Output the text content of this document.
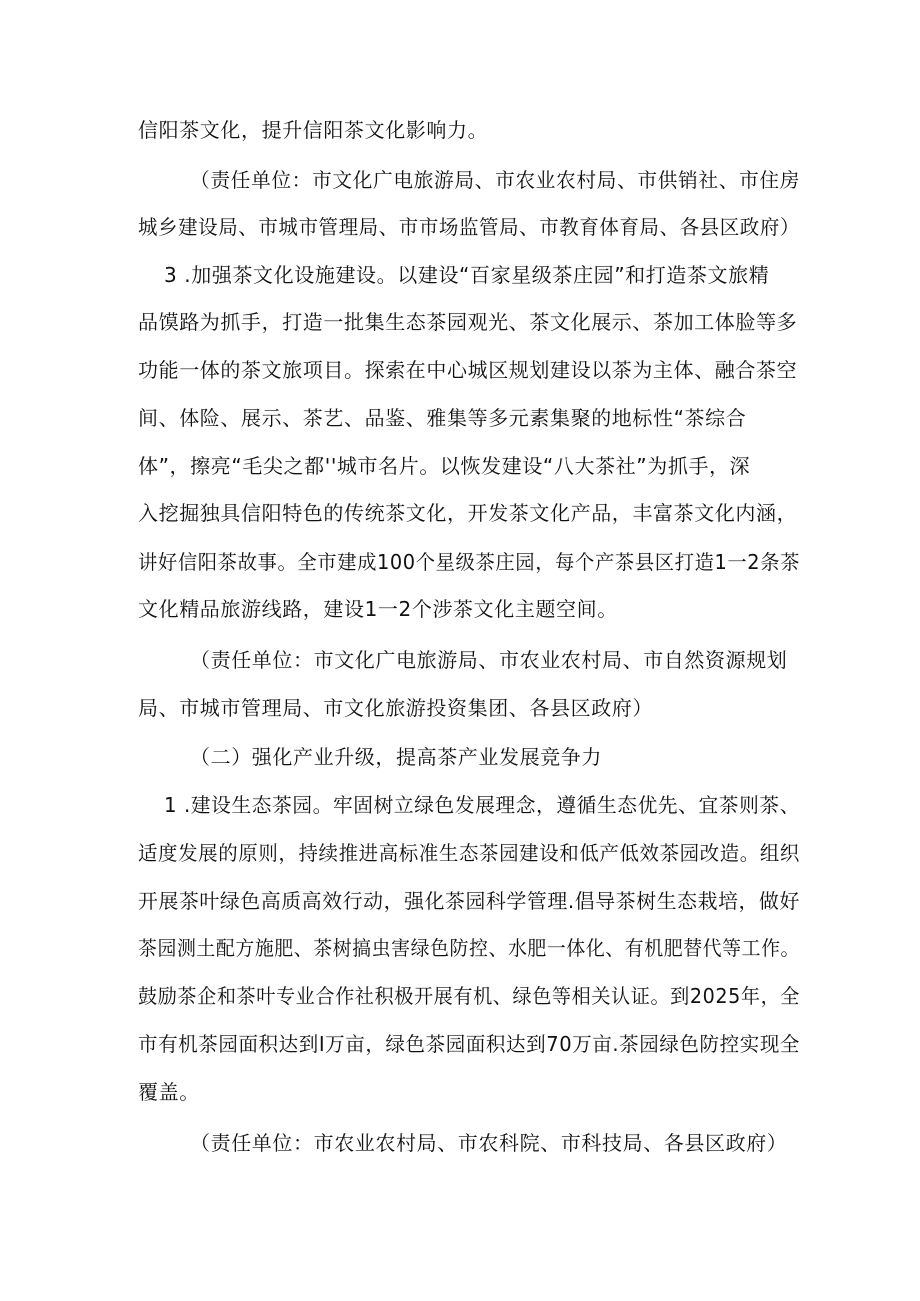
信阳茶文化，提升信阳茶文化影响力。
（责任单位：市文化广电旅游局、市农业农村局、市供销社、市住房
城乡建设局、市城市管理局、市市场监管局、市教育体育局、各县区政府）
3 .加强茶文化设施建设。以建设“百家星级茶庄园”和打造茶文旅精
品馍路为抓手，打造一批集生态茶园观光、茶文化展示、茶加工体脸等多
功能一体的茶文旅项目。探索在中心城区规划建设以茶为主体、融合茶空
间、体险、展示、茶艺、品鉴、雅集等多元素集聚的地标性“茶综合
体”，擦亮“毛尖之都''城市名片。以恢发建设“八大茶社”为抓手，深
入挖掘独具信阳特色的传统茶文化，开发茶文化产品，丰富茶文化内涵，
讲好信阳茶故事。全市建成100个星级茶庄园，每个产茶县区打造1一2条茶
文化精品旅游线路，建设1一2个涉茶文化主题空间。
（责任单位：市文化广电旅游局、市农业农村局、市自然资源规划
局、市城市管理局、市文化旅游投资集团、各县区政府）
（二）强化产业升级，提高茶产业发展竞争力
1 .建设生态茶园。牢固树立绿色发展理念，遵循生态优先、宜茶则茶、
适度发展的原则，持续推进高标准生态茶园建设和低产低效茶园改造。组织
开展茶叶绿色高质高效行动，强化茶园科学管理.倡导茶树生态栽培，做好
茶园测土配方施肥、茶树搞虫害绿色防控、水肥一体化、有机肥替代等工作。
鼓励茶企和茶叶专业合作社积极开展有机、绿色等相关认证。到2025年，全
市有机茶园面积达到I万亩，绿色茶园面积达到70万亩.茶园绿色防控实现全
覆盖。
（责任单位：市农业农村局、市农科院、市科技局、各县区政府）
